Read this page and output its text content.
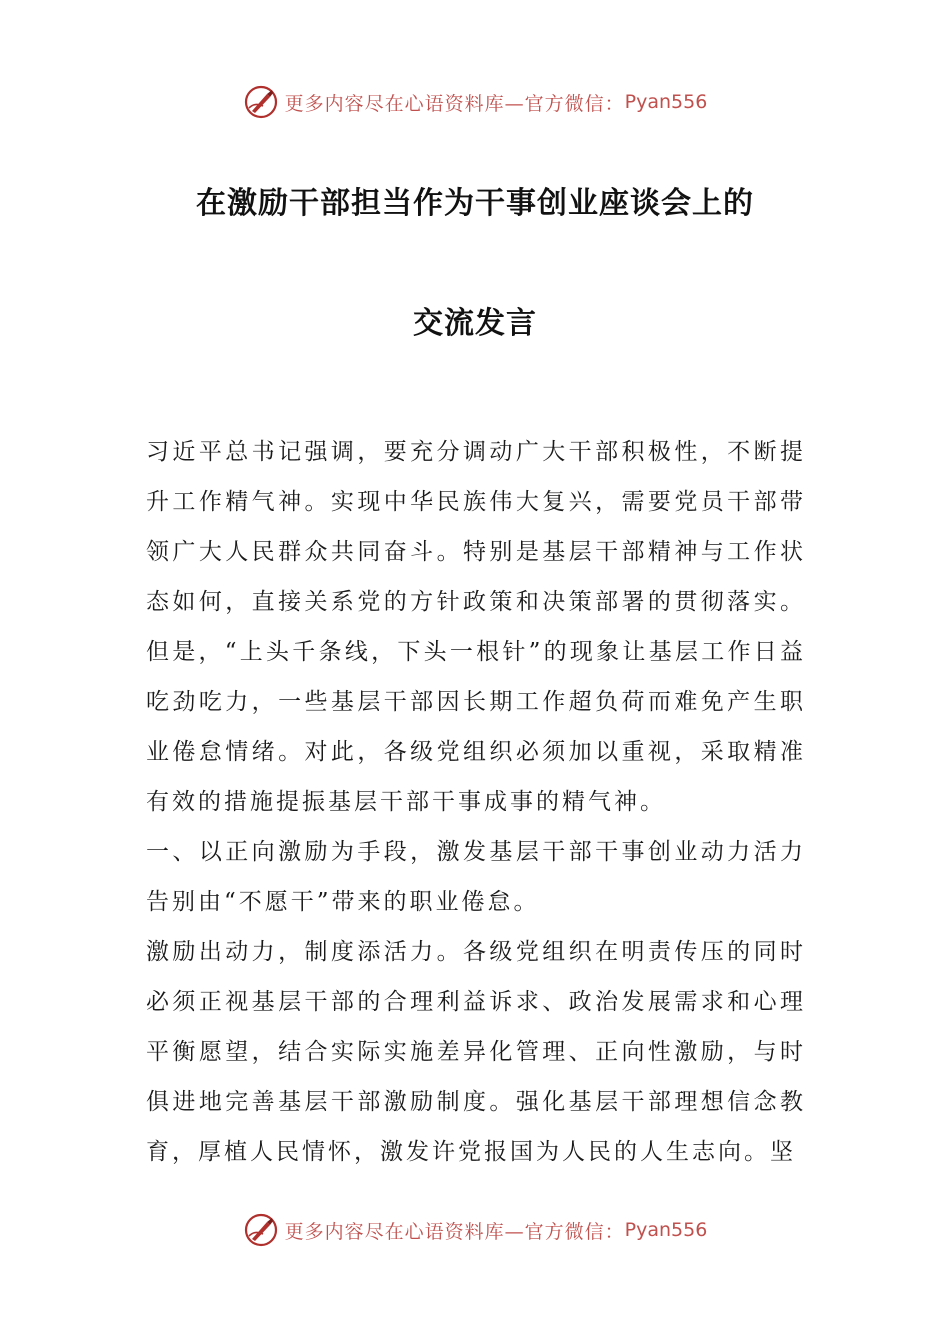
更多内容尽在心语资料库—官方微信： Pyan556
在激励干部担当作为干事创业座谈会上的
交流发言

习近平总书记强调，要充分调动广大干部积极性，不断提升工作精气神。实现中华民族伟大复兴，需要党员干部带领广大人民群众共同奋斗。特别是基层干部精神与工作状态如何，直接关系党的方针政策和决策部署的贯彻落实。但是，“上头千条线，下头一根针”的现象让基层工作日益吃劲吃力，一些基层干部因长期工作超负荷而难免产生职业倦怠情绪。对此，各级党组织必须加以重视，采取精准有效的措施提振基层干部干事成事的精气神。

一、以正向激励为手段，激发基层干部干事创业动力活力告别由“不愿干”带来的职业倦怠。

激励出动力，制度添活力。各级党组织在明责传压的同时必须正视基层干部的合理利益诉求、政治发展需求和心理平衡愿望，结合实际实施差异化管理、正向性激励，与时俱进地完善基层干部激励制度。强化基层干部理想信念教育，厚植人民情怀，激发许党报国为人民的人生志向。坚

更多内容尽在心语资料库—官方微信： Pyan556
